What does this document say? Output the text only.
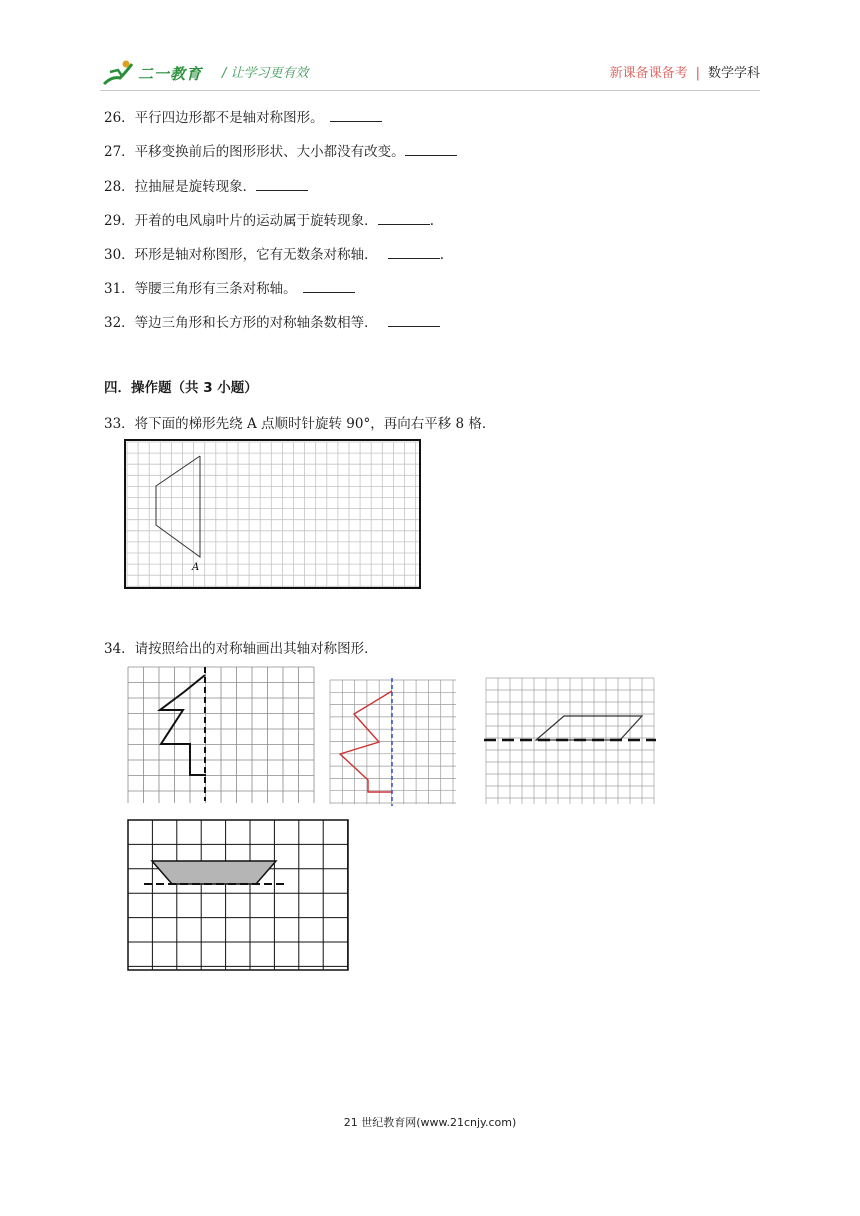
二一教育 / 让学习更有效	新课备课备考 | 数学学科
26．平行四边形都不是轴对称图形。
27．平移变换前后的图形形状、大小都没有改变。
28．拉抽屉是旋转现象．
29．开着的电风扇叶片的运动属于旋转现象．	.
30．环形是轴对称图形，它有无数条对称轴．	.
31．等腰三角形有三条对称轴。
32．等边三角形和长方形的对称轴条数相等．
四．操作题（共 3 小题）
33．将下面的梯形先绕 A 点顺时针旋转 90°，再向右平移 8 格．
A
34．请按照给出的对称轴画出其轴对称图形．
21 世纪教育网(www.21cnjy.com)
